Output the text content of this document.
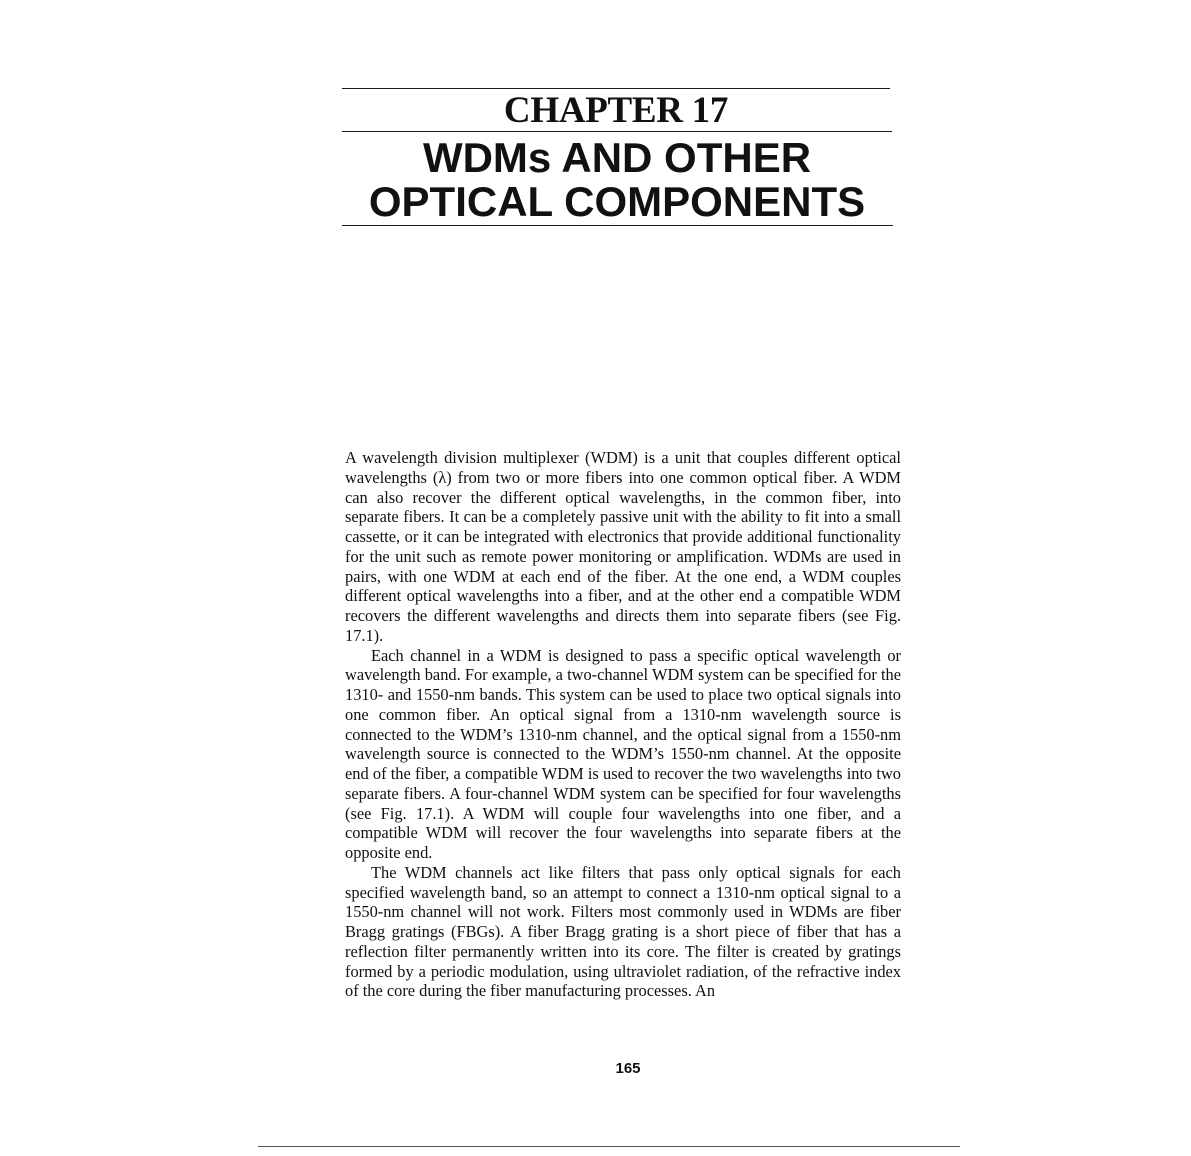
CHAPTER 17
WDMs AND OTHER
OPTICAL COMPONENTS

A wavelength division multiplexer (WDM) is a unit that couples different optical wavelengths (λ) from two or more fibers into one common optical fiber. A WDM can also recover the different optical wavelengths, in the common fiber, into separate fibers. It can be a completely passive unit with the ability to fit into a small cassette, or it can be integrated with electronics that provide additional functionality for the unit such as remote power monitoring or amplification. WDMs are used in pairs, with one WDM at each end of the fiber. At the one end, a WDM couples different optical wavelengths into a fiber, and at the other end a compatible WDM recovers the different wavelengths and directs them into separate fibers (see Fig. 17.1).

Each channel in a WDM is designed to pass a specific optical wavelength or wavelength band. For example, a two-channel WDM system can be specified for the 1310- and 1550-nm bands. This system can be used to place two optical signals into one common fiber. An optical signal from a 1310-nm wavelength source is connected to the WDM’s 1310-nm channel, and the optical signal from a 1550-nm wavelength source is connected to the WDM’s 1550-nm channel. At the opposite end of the fiber, a compatible WDM is used to recover the two wavelengths into two separate fibers. A four-channel WDM system can be specified for four wavelengths (see Fig. 17.1). A WDM will couple four wavelengths into one fiber, and a compatible WDM will recover the four wavelengths into separate fibers at the opposite end.

The WDM channels act like filters that pass only optical signals for each specified wavelength band, so an attempt to connect a 1310-nm optical signal to a 1550-nm channel will not work. Filters most commonly used in WDMs are fiber Bragg gratings (FBGs). A fiber Bragg grating is a short piece of fiber that has a reflection filter permanently written into its core. The filter is created by gratings formed by a periodic modulation, using ultraviolet radiation, of the refractive index of the core during the fiber manufacturing processes. An

165
